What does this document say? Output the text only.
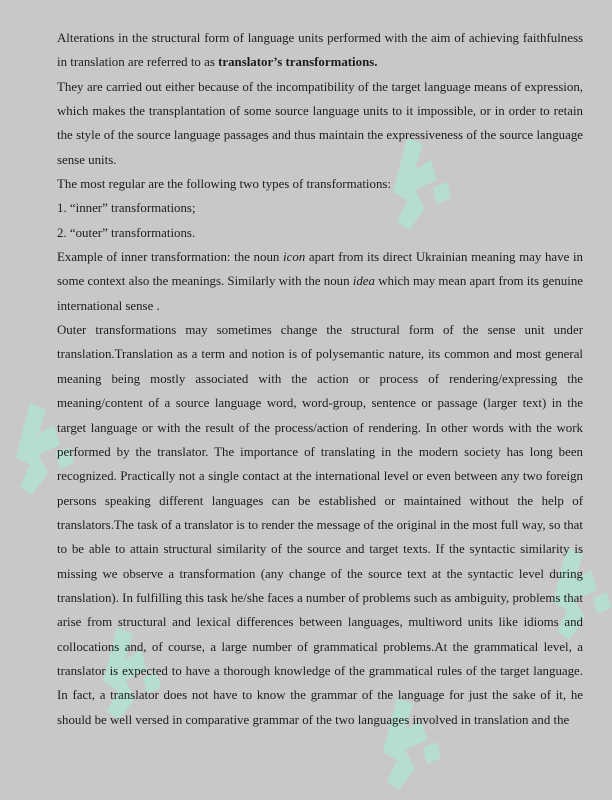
Alterations in the structural form of language units performed with the aim of achieving faithfulness in translation are referred to as translator’s transformations.

They are carried out either because of the incompatibility of the target language means of expression, which makes the transplantation of some source language units to it impossible, or in order to retain the style of the source language passages and thus maintain the expressiveness of the source language sense units.

The most regular are the following two types of transformations:

1. “inner” transformations;

2. “outer” transformations.

Example of inner transformation: the noun icon apart from its direct Ukrainian meaning may have in some context also the meanings. Similarly with the noun idea which may mean apart from its genuine international sense .

Outer transformations may sometimes change the structural form of the sense unit under translation.Translation as a term and notion is of polysemantic nature, its common and most general meaning being mostly associated with the action or process of rendering/expressing the meaning/content of a source language word, word-group, sentence or passage (larger text) in the target language or with the result of the process/action of rendering. In other words with the work performed by the translator. The importance of translating in the modern society has long been recognized. Practically not a single contact at the international level or even between any two foreign persons speaking different languages can be established or maintained without the help of translators.The task of a translator is to render the message of the original in the most full way, so that to be able to attain structural similarity of the source and target texts. If the syntactic similarity is missing we observe a transformation (any change of the source text at the syntactic level during translation). In fulfilling this task he/she faces a number of problems such as ambiguity, problems that arise from structural and lexical differences between languages, multiword units like idioms and collocations and, of course, a large number of grammatical problems.At the grammatical level, a translator is expected to have a thorough knowledge of the grammatical rules of the target language. In fact, a translator does not have to know the grammar of the language for just the sake of it, he should be well versed in comparative grammar of the two languages involved in translation and the
